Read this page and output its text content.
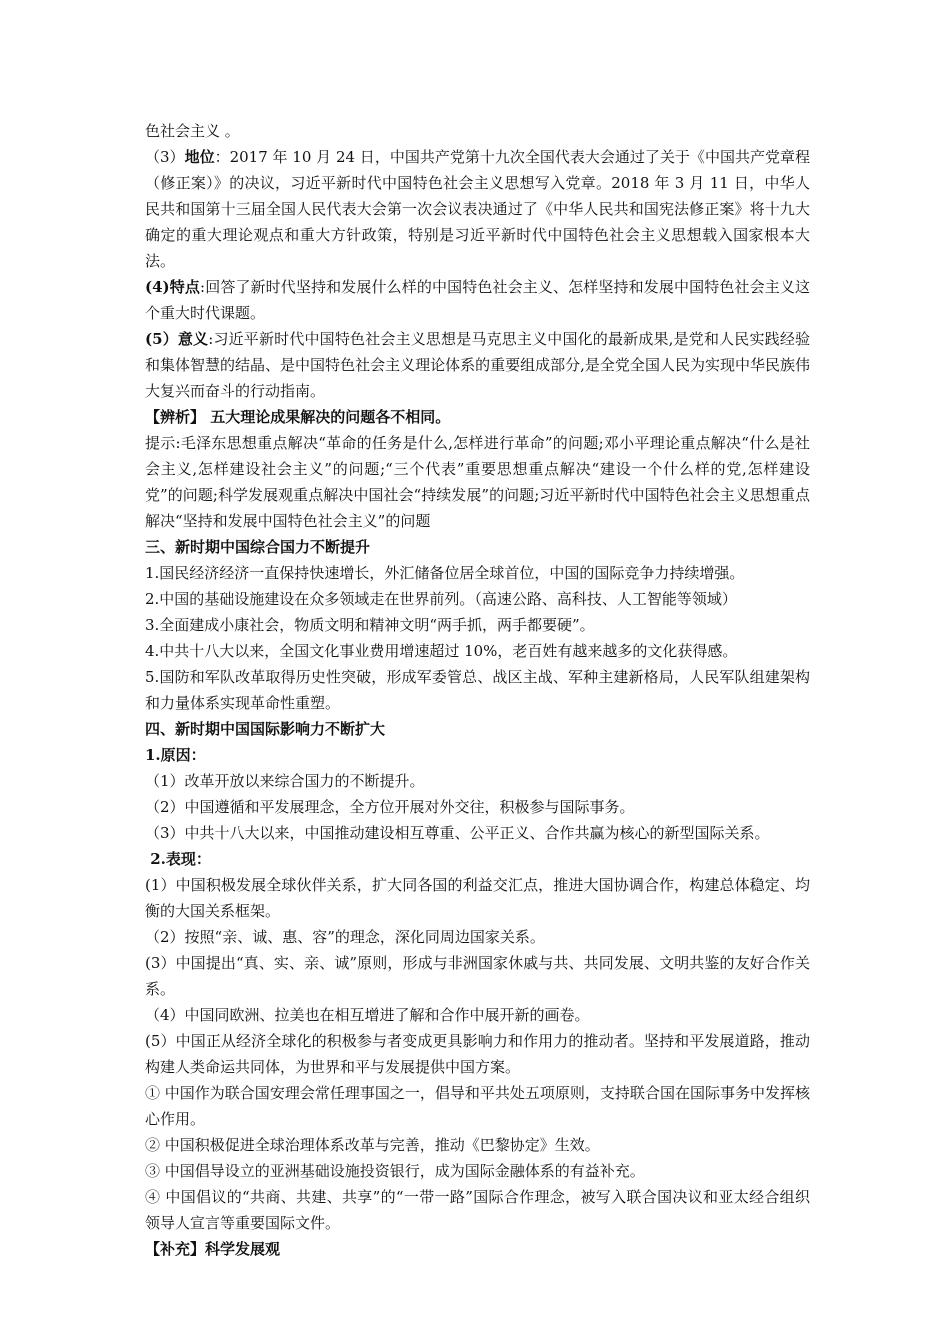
色社会主义 。

（3）地位：2017 年 10 月 24 日，中国共产党第十九次全国代表大会通过了关于《中国共产党章程（修正案）》的决议，习近平新时代中国特色社会主义思想写入党章。2018 年 3 月 11 日，中华人民共和国第十三届全国人民代表大会第一次会议表决通过了《中华人民共和国宪法修正案》将十九大确定的重大理论观点和重大方针政策，特别是习近平新时代中国特色社会主义思想载入国家根本大法。

(4)特点:回答了新时代坚持和发展什么样的中国特色社会主义、怎样坚持和发展中国特色社会主义这个重大时代课题。

(5）意义:习近平新时代中国特色社会主义思想是马克思主义中国化的最新成果,是党和人民实践经验和集体智慧的结晶、是中国特色社会主义理论体系的重要组成部分,是全党全国人民为实现中华民族伟大复兴而奋斗的行动指南。

【辨析】 五大理论成果解决的问题各不相同。

提示:毛泽东思想重点解决“革命的任务是什么,怎样进行革命”的问题;邓小平理论重点解决“什么是社会主义,怎样建设社会主义”的问题;“三个代表”重要思想重点解决“建设一个什么样的党,怎样建设党”的问题;科学发展观重点解决中国社会“持续发展”的问题;习近平新时代中国特色社会主义思想重点解决“坚持和发展中国特色社会主义”的问题

三、新时期中国综合国力不断提升

1.国民经济经济一直保持快速增长，外汇储备位居全球首位，中国的国际竞争力持续增强。

2.中国的基础设施建设在众多领域走在世界前列。（高速公路、高科技、人工智能等领域）

3.全面建成小康社会，物质文明和精神文明“两手抓，两手都要硬”。

4.中共十八大以来，全国文化事业费用增速超过 10%，老百姓有越来越多的文化获得感。

5.国防和军队改革取得历史性突破，形成军委管总、战区主战、军种主建新格局，人民军队组建架构和力量体系实现革命性重塑。

四、新时期中国国际影响力不断扩大

1.原因：

（1）改革开放以来综合国力的不断提升。

（2）中国遵循和平发展理念，全方位开展对外交往，积极参与国际事务。

（3）中共十八大以来，中国推动建设相互尊重、公平正义、合作共赢为核心的新型国际关系。

2.表现：

(1）中国积极发展全球伙伴关系，扩大同各国的利益交汇点，推进大国协调合作，构建总体稳定、均衡的大国关系框架。

（2）按照“亲、诚、惠、容”的理念，深化同周边国家关系。

(3）中国提出“真、实、亲、诚”原则，形成与非洲国家休戚与共、共同发展、文明共鉴的友好合作关系。

（4）中国同欧洲、拉美也在相互增进了解和合作中展开新的画卷。

(5）中国正从经济全球化的积极参与者变成更具影响力和作用力的推动者。坚持和平发展道路，推动构建人类命运共同体，为世界和平与发展提供中国方案。

① 中国作为联合国安理会常任理事国之一，倡导和平共处五项原则，支持联合国在国际事务中发挥核心作用。

② 中国积极促进全球治理体系改革与完善，推动《巴黎协定》生效。

③ 中国倡导设立的亚洲基础设施投资银行，成为国际金融体系的有益补充。

④ 中国倡议的“共商、共建、共享”的“一带一路”国际合作理念，被写入联合国决议和亚太经合组织领导人宣言等重要国际文件。

【补充】科学发展观
